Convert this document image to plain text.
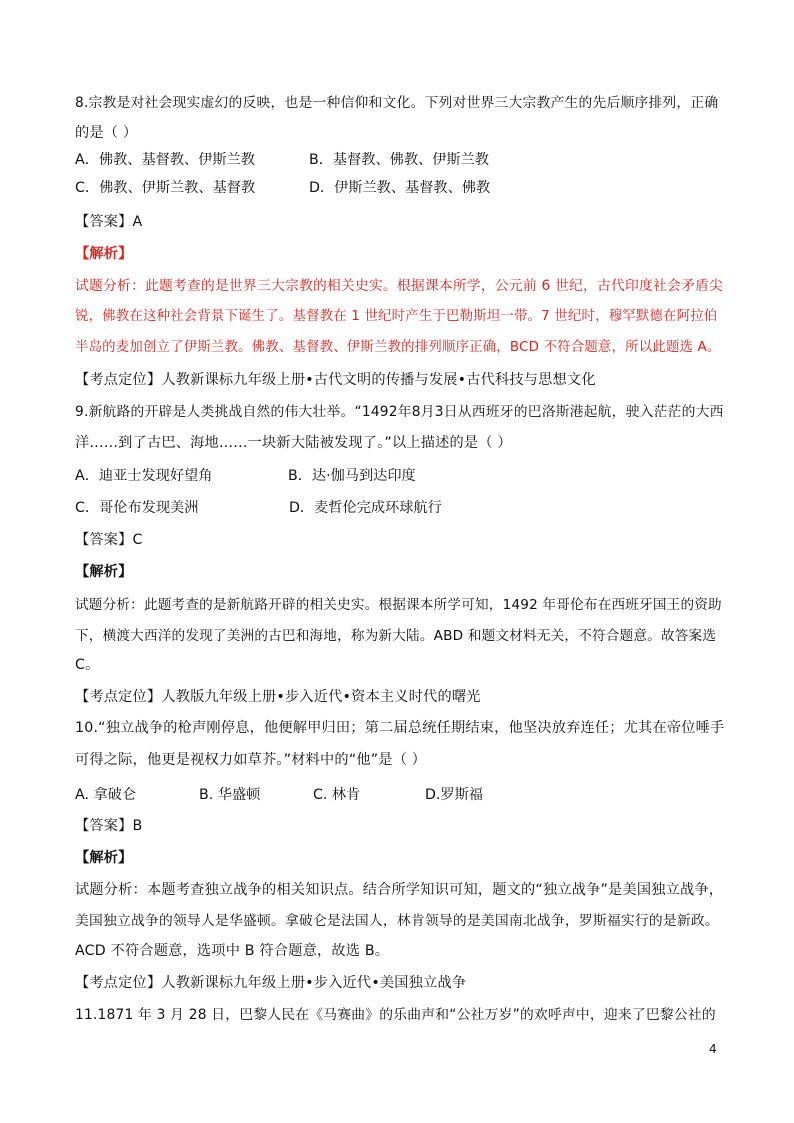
8.宗教是对社会现实虚幻的反映，也是一种信仰和文化。下列对世界三大宗教产生的先后顺序排列，正确
的是（ ）
A．佛教、基督教、伊斯兰教	B．基督教、佛教、伊斯兰教
C．佛教、伊斯兰教、基督教	D．伊斯兰教、基督教、佛教
【答案】A
【解析】
试题分析：此题考查的是世界三大宗教的相关史实。根据课本所学，公元前 6 世纪，古代印度社会矛盾尖
锐，佛教在这种社会背景下诞生了。基督教在 1 世纪时产生于巴勒斯坦一带。7 世纪时，穆罕默德在阿拉伯
半岛的麦加创立了伊斯兰教。佛教、基督教、伊斯兰教的排列顺序正确，BCD 不符合题意，所以此题选 A。
【考点定位】人教新课标九年级上册•古代文明的传播与发展•古代科技与思想文化
9.新航路的开辟是人类挑战自然的伟大壮举。“1492年8月3日从西班牙的巴洛斯港起航，驶入茫茫的大西
洋……到了古巴、海地……一块新大陆被发现了。”以上描述的是（ ）
A．迪亚士发现好望角	B．达·伽马到达印度
C．哥伦布发现美洲	D．麦哲伦完成环球航行
【答案】C
【解析】
试题分析：此题考查的是新航路开辟的相关史实。根据课本所学可知，1492 年哥伦布在西班牙国王的资助
下，横渡大西洋的发现了美洲的古巴和海地，称为新大陆。ABD 和题文材料无关，不符合题意。故答案选
C。
【考点定位】人教版九年级上册•步入近代•资本主义时代的曙光
10.“独立战争的枪声刚停息，他便解甲归田；第二届总统任期结束，他坚决放弃连任；尤其在帝位唾手
可得之际，他更是视权力如草芥。”材料中的“他”是（ ）
A. 拿破仑	B. 华盛顿	C. 林肯	D.罗斯福
【答案】B
【解析】
试题分析：本题考查独立战争的相关知识点。结合所学知识可知，题文的“独立战争”是美国独立战争，
美国独立战争的领导人是华盛顿。拿破仑是法国人，林肯领导的是美国南北战争，罗斯福实行的是新政。
ACD 不符合题意，选项中 B 符合题意，故选 B。
【考点定位】人教新课标九年级上册•步入近代•美国独立战争
11.1871 年 3 月 28 日，巴黎人民在《马赛曲》的乐曲声和“公社万岁”的欢呼声中，迎来了巴黎公社的
4
